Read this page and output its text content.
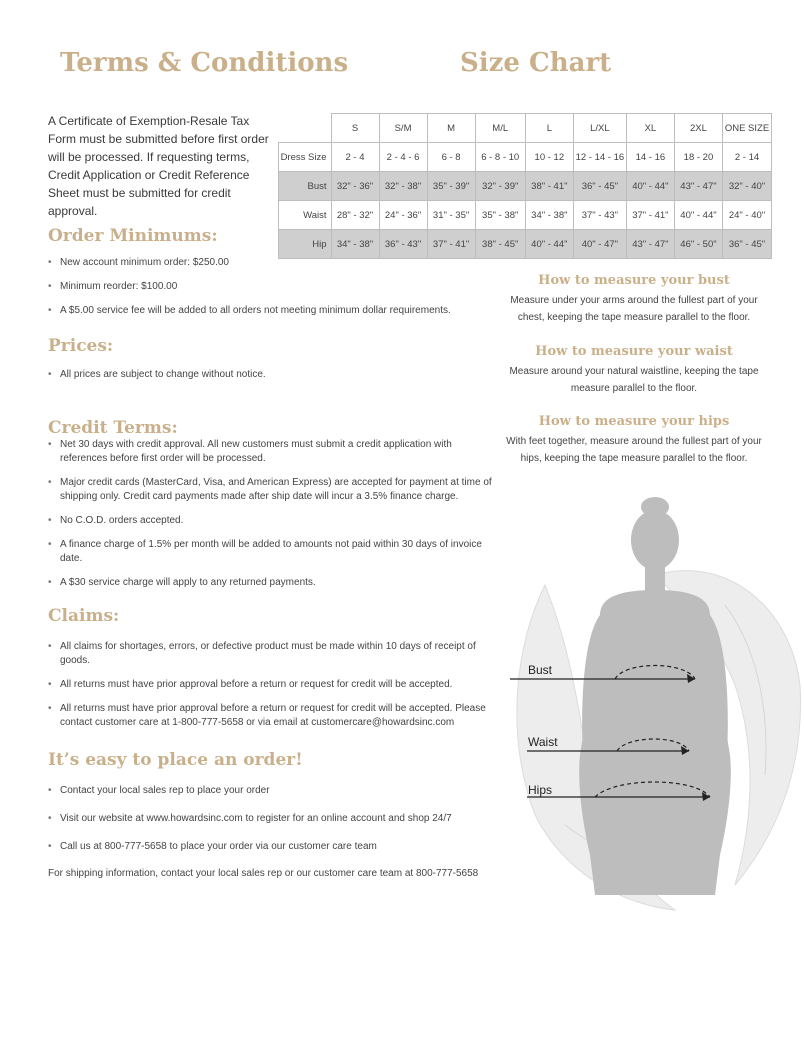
Terms & Conditions	Size Chart
A Certificate of Exemption-Resale Tax Form must be submitted before first order will be processed. If requesting terms, Credit Application or Credit Reference Sheet must be submitted for credit approval.
Order Minimums:
• New account minimum order: $250.00
• Minimum reorder: $100.00
• A $5.00 service fee will be added to all orders not meeting minimum dollar requirements.
Prices:
• All prices are subject to change without notice.
Credit Terms:
• Net 30 days with credit approval. All new customers must submit a credit application with references before first order will be processed.
• Major credit cards (MasterCard, Visa, and American Express) are accepted for payment at time of shipping only. Credit card payments made after ship date will incur a 3.5% finance charge.
• No C.O.D. orders accepted.
• A finance charge of 1.5% per month will be added to amounts not paid within 30 days of invoice date.
• A $30 service charge will apply to any returned payments.
Claims:
• All claims for shortages, errors, or defective product must be made within 10 days of receipt of goods.
• All returns must have prior approval before a return or request for credit will be accepted.
• All returns must have prior approval before a return or request for credit will be accepted. Please contact customer care at 1-800-777-5658 or via email at customercare@howardsinc.com
It’s easy to place an order!
• Contact your local sales rep to place your order
• Visit our website at www.howardsinc.com to register for an online account and shop 24/7
• Call us at 800-777-5658 to place your order via our customer care team
For shipping information, contact your local sales rep or our customer care team at 800-777-5658
	S	S/M	M	M/L	L	L/XL	XL	2XL	ONE SIZE
Dress Size	2 - 4	2 - 4 - 6	6 - 8	6 - 8 - 10	10 - 12	12 - 14 - 16	14 - 16	18 - 20	2 - 14
Bust	32" - 36"	32" - 38"	35" - 39"	32" - 39"	38" - 41"	36" - 45"	40" - 44"	43" - 47"	32" - 40"
Waist	28" - 32"	24" - 36"	31" - 35"	35" - 38"	34" - 38"	37" - 43"	37" - 41"	40" - 44"	24" - 40"
Hip	34" - 38"	36" - 43"	37" - 41"	38" - 45"	40" - 44"	40" - 47"	43" - 47"	46" - 50"	36" - 45"
How to measure your bust

Measure under your arms around the fullest part of your chest, keeping the tape measure parallel to the floor.

How to measure your waist

Measure around your natural waistline, keeping the tape measure parallel to the floor.

How to measure your hips

With feet together, measure around the fullest part of your hips, keeping the tape measure parallel to the floor.

Bust
Waist
Hips
